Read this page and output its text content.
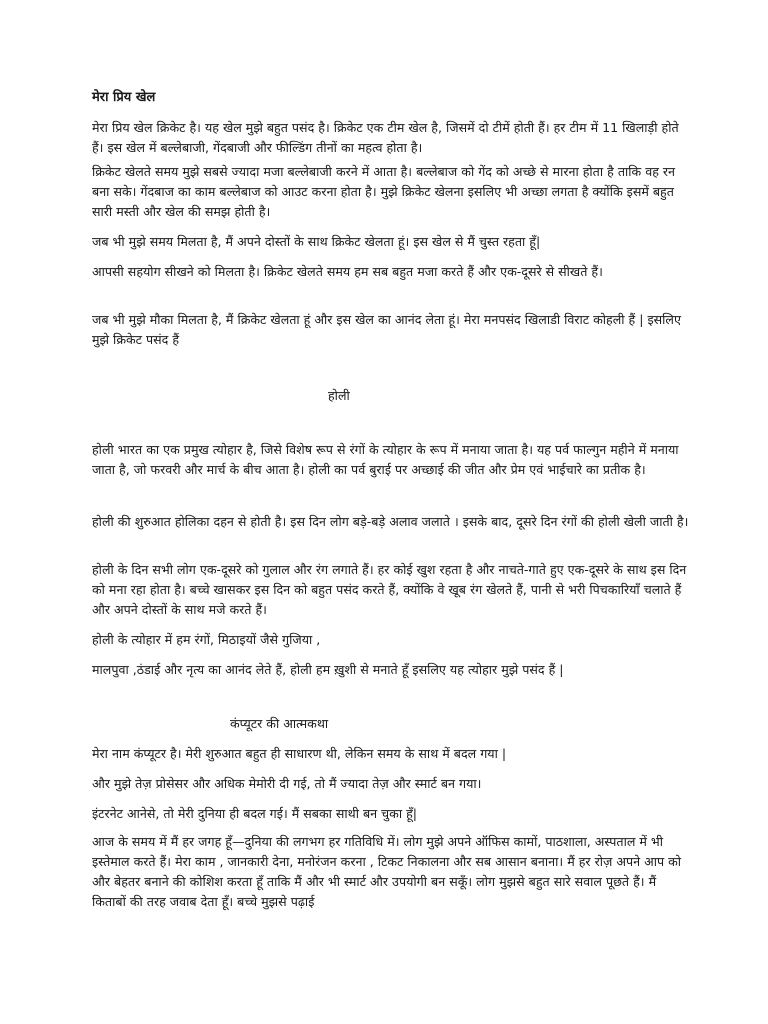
मेरा प्रिय खेल

मेरा प्रिय खेल क्रिकेट है। यह खेल मुझे बहुत पसंद है। क्रिकेट एक टीम खेल है, जिसमें दो टीमें होती हैं। हर टीम में 11 खिलाड़ी होते हैं। इस खेल में बल्लेबाजी, गेंदबाजी और फील्डिंग तीनों का महत्व होता है।

क्रिकेट खेलते समय मुझे सबसे ज्यादा मजा बल्लेबाजी करने में आता है। बल्लेबाज को गेंद को अच्छे से मारना होता है ताकि वह रन बना सके। गेंदबाज का काम बल्लेबाज को आउट करना होता है। मुझे क्रिकेट खेलना इसलिए भी अच्छा लगता है क्योंकि इसमें बहुत सारी मस्ती और खेल की समझ होती है।

जब भी मुझे समय मिलता है, मैं अपने दोस्तों के साथ क्रिकेट खेलता हूं। इस खेल से मैं चुस्त रहता हूँ|

आपसी सहयोग सीखने को मिलता है। क्रिकेट खेलते समय हम सब बहुत मजा करते हैं और एक-दूसरे से सीखते हैं।

जब भी मुझे मौका मिलता है, मैं क्रिकेट खेलता हूं और इस खेल का आनंद लेता हूं। मेरा मनपसंद खिलाडी विराट कोहली हैं | इसलिए मुझे क्रिकेट पसंद हैं

होली

होली भारत का एक प्रमुख त्योहार है, जिसे विशेष रूप से रंगों के त्योहार के रूप में मनाया जाता है। यह पर्व फाल्गुन महीने में मनाया जाता है, जो फरवरी और मार्च के बीच आता है। होली का पर्व बुराई पर अच्छाई की जीत और प्रेम एवं भाईचारे का प्रतीक है।

होली की शुरुआत होलिका दहन से होती है। इस दिन लोग बड़े-बड़े अलाव जलाते । इसके बाद, दूसरे दिन रंगों की होली खेली जाती है।

होली के दिन सभी लोग एक-दूसरे को गुलाल और रंग लगाते हैं। हर कोई खुश रहता है और नाचते-गाते हुए एक-दूसरे के साथ इस दिन को मना रहा होता है। बच्चे खासकर इस दिन को बहुत पसंद करते हैं, क्योंकि वे खूब रंग खेलते हैं, पानी से भरी पिचकारियाँ चलाते हैं और अपने दोस्तों के साथ मजे करते हैं।

होली के त्योहार में हम रंगों, मिठाइयों जैसे गुजिया ,

मालपुवा ,ठंडाई और नृत्य का आनंद लेते हैं, होली हम ख़ुशी से मनाते हूँ इसलिए यह त्योहार मुझे पसंद हैं |

कंप्यूटर की आत्मकथा

मेरा नाम कंप्यूटर है। मेरी शुरुआत बहुत ही साधारण थी, लेकिन समय के साथ में बदल गया |

और मुझे तेज़ प्रोसेसर और अधिक मेमोरी दी गई, तो मैं ज्यादा तेज़ और स्मार्ट बन गया।

इंटरनेट आनेसे, तो मेरी दुनिया ही बदल गई। मैं सबका साथी बन चुका हूँ|

आज के समय में मैं हर जगह हूँ—दुनिया की लगभग हर गतिविधि में। लोग मुझे अपने ऑफिस कामों, पाठशाला, अस्पताल में भी इस्तेमाल करते हैं। मेरा काम , जानकारी देना, मनोरंजन करना , टिकट निकालना और सब आसान बनाना। मैं हर रोज़ अपने आप को और बेहतर बनाने की कोशिश करता हूँ ताकि मैं और भी स्मार्ट और उपयोगी बन सकूँ। लोग मुझसे बहुत सारे सवाल पूछते हैं। मैं किताबों की तरह जवाब देता हूँ। बच्चे मुझसे पढ़ाई
